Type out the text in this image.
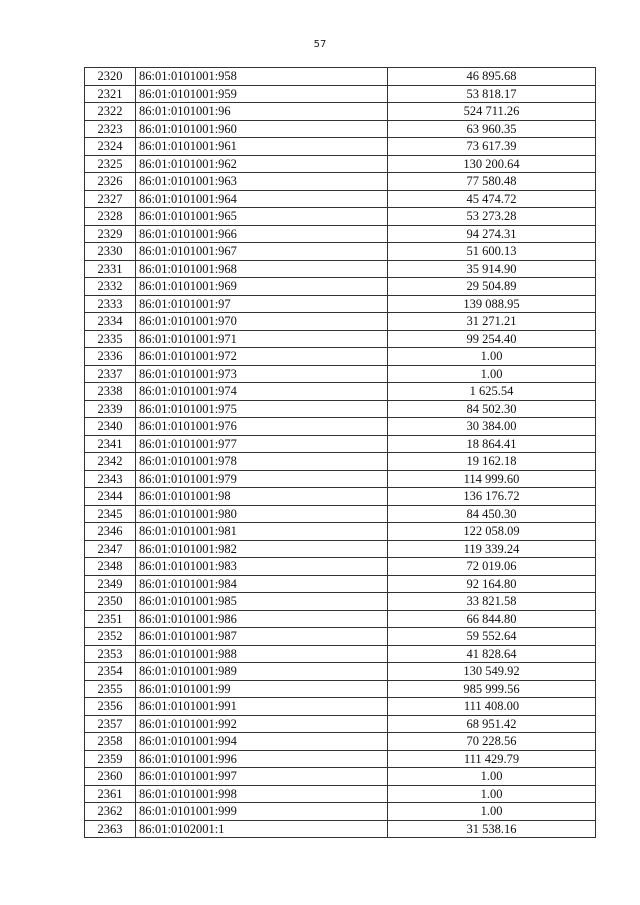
57
2320	86:01:0101001:958	46 895.68
2321	86:01:0101001:959	53 818.17
2322	86:01:0101001:96	524 711.26
2323	86:01:0101001:960	63 960.35
2324	86:01:0101001:961	73 617.39
2325	86:01:0101001:962	130 200.64
2326	86:01:0101001:963	77 580.48
2327	86:01:0101001:964	45 474.72
2328	86:01:0101001:965	53 273.28
2329	86:01:0101001:966	94 274.31
2330	86:01:0101001:967	51 600.13
2331	86:01:0101001:968	35 914.90
2332	86:01:0101001:969	29 504.89
2333	86:01:0101001:97	139 088.95
2334	86:01:0101001:970	31 271.21
2335	86:01:0101001:971	99 254.40
2336	86:01:0101001:972	1.00
2337	86:01:0101001:973	1.00
2338	86:01:0101001:974	1 625.54
2339	86:01:0101001:975	84 502.30
2340	86:01:0101001:976	30 384.00
2341	86:01:0101001:977	18 864.41
2342	86:01:0101001:978	19 162.18
2343	86:01:0101001:979	114 999.60
2344	86:01:0101001:98	136 176.72
2345	86:01:0101001:980	84 450.30
2346	86:01:0101001:981	122 058.09
2347	86:01:0101001:982	119 339.24
2348	86:01:0101001:983	72 019.06
2349	86:01:0101001:984	92 164.80
2350	86:01:0101001:985	33 821.58
2351	86:01:0101001:986	66 844.80
2352	86:01:0101001:987	59 552.64
2353	86:01:0101001:988	41 828.64
2354	86:01:0101001:989	130 549.92
2355	86:01:0101001:99	985 999.56
2356	86:01:0101001:991	111 408.00
2357	86:01:0101001:992	68 951.42
2358	86:01:0101001:994	70 228.56
2359	86:01:0101001:996	111 429.79
2360	86:01:0101001:997	1.00
2361	86:01:0101001:998	1.00
2362	86:01:0101001:999	1.00
2363	86:01:0102001:1	31 538.16
